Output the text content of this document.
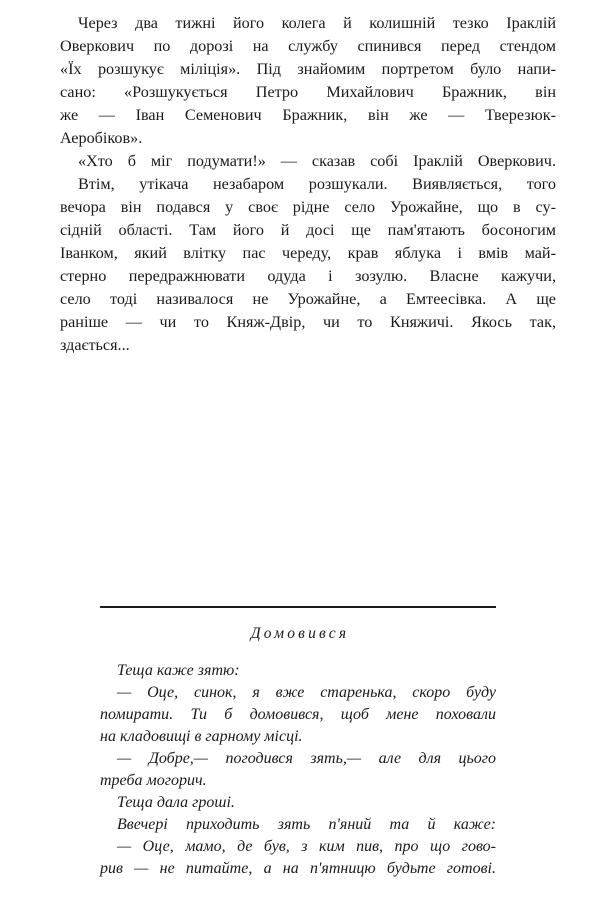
Через два тижні його колега й колишній тезко Іраклій
Оверкович по дорозі на службу спинився перед стендом
«Їх розшукує міліція». Під знайомим портретом було напи-
сано: «Розшукується Петро Михайлович Бражник, він
же — Іван Семенович Бражник, він же — Тверезюк-
Аеробіков».
«Хто б міг подумати!» — сказав собі Іраклій Оверкович.
Втім, утікача незабаром розшукали. Виявляється, того
вечора він подався у своє рідне село Урожайне, що в су-
сідній області. Там його й досі ще пам'ятають босоногим
Іванком, який влітку пас череду, крав яблука і вмів май-
стерно передражнювати одуда і зозулю. Власне кажучи,
село тоді називалося не Урожайне, а Емтеесівка. А ще
раніше — чи то Княж-Двір, чи то Княжичі. Якось так,
здається...
Домовився
Теща каже зятю:
— Оце, синок, я вже старенька, скоро буду
помирати. Ти б домовився, щоб мене поховали
на кладовищі в гарному місці.
— Добре,— погодився зять,— але для цього
треба могорич.
Теща дала гроші.
Ввечері приходить зять п'яний та й каже:
— Оце, мамо, де був, з ким пив, про що гово-
рив — не питайте, а на п'ятницю будьте готові.
